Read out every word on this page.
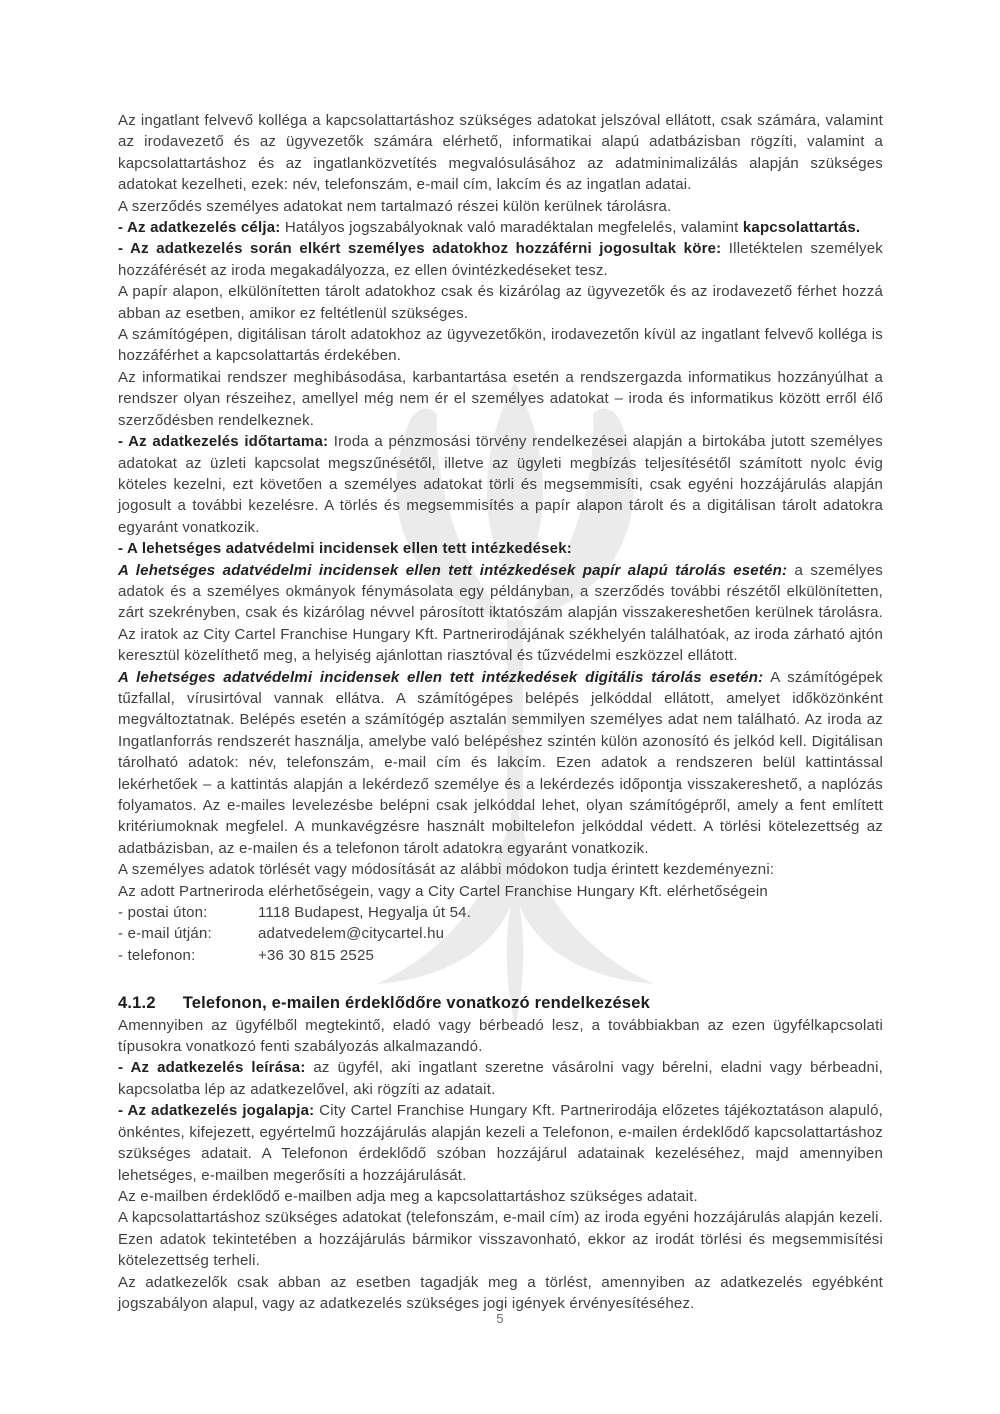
Az ingatlant felvevő kolléga a kapcsolattartáshoz szükséges adatokat jelszóval ellátott, csak számára, valamint az irodavezető és az ügyvezetők számára elérhető, informatikai alapú adatbázisban rögzíti, valamint a kapcsolattartáshoz és az ingatlanközvetítés megvalósulásához az adatminimalizálás alapján szükséges adatokat kezelheti, ezek: név, telefonszám, e-mail cím, lakcím és az ingatlan adatai.

A szerződés személyes adatokat nem tartalmazó részei külön kerülnek tárolásra.

- Az adatkezelés célja: Hatályos jogszabályoknak való maradéktalan megfelelés, valamint kapcsolattartás.

- Az adatkezelés során elkért személyes adatokhoz hozzáférni jogosultak köre: Illetéktelen személyek hozzáférését az iroda megakadályozza, ez ellen óvintézkedéseket tesz.

A papír alapon, elkülönítetten tárolt adatokhoz csak és kizárólag az ügyvezetők és az irodavezető férhet hozzá abban az esetben, amikor ez feltétlenül szükséges.

A számítógépen, digitálisan tárolt adatokhoz az ügyvezetőkön, irodavezetőn kívül az ingatlant felvevő kolléga is hozzáférhet a kapcsolattartás érdekében.

Az informatikai rendszer meghibásodása, karbantartása esetén a rendszergazda informatikus hozzányúlhat a rendszer olyan részeihez, amellyel még nem ér el személyes adatokat – iroda és informatikus között erről élő szerződésben rendelkeznek.

- Az adatkezelés időtartama: Iroda a pénzmosási törvény rendelkezései alapján a birtokába jutott személyes adatokat az üzleti kapcsolat megszűnésétől, illetve az ügyleti megbízás teljesítésétől számított nyolc évig köteles kezelni, ezt követően a személyes adatokat törli és megsemmisíti, csak egyéni hozzájárulás alapján jogosult a további kezelésre. A törlés és megsemmisítés a papír alapon tárolt és a digitálisan tárolt adatokra egyaránt vonatkozik.

- A lehetséges adatvédelmi incidensek ellen tett intézkedések:

A lehetséges adatvédelmi incidensek ellen tett intézkedések papír alapú tárolás esetén: a személyes adatok és a személyes okmányok fénymásolata egy példányban, a szerződés további részétől elkülönítetten, zárt szekrényben, csak és kizárólag névvel párosított iktatószám alapján visszakereshetően kerülnek tárolásra. Az iratok az City Cartel Franchise Hungary Kft. Partnerirodájának székhelyén találhatóak, az iroda zárható ajtón keresztül közelíthető meg, a helyiség ajánlottan riasztóval és tűzvédelmi eszközzel ellátott.

A lehetséges adatvédelmi incidensek ellen tett intézkedések digitális tárolás esetén: A számítógépek tűzfallal, vírusirtóval vannak ellátva. A számítógépes belépés jelkóddal ellátott, amelyet időközönként megváltoztatnak. Belépés esetén a számítógép asztalán semmilyen személyes adat nem található. Az iroda az Ingatlanforrás rendszerét használja, amelybe való belépéshez szintén külön azonosító és jelkód kell. Digitálisan tárolható adatok: név, telefonszám, e-mail cím és lakcím. Ezen adatok a rendszeren belül kattintással lekérhetőek – a kattintás alapján a lekérdező személye és a lekérdezés időpontja visszakereshető, a naplózás folyamatos. Az e-mailes levelezésbe belépni csak jelkóddal lehet, olyan számítógépről, amely a fent említett kritériumoknak megfelel. A munkavégzésre használt mobiltelefon jelkóddal védett. A törlési kötelezettség az adatbázisban, az e-mailen és a telefonon tárolt adatokra egyaránt vonatkozik.

A személyes adatok törlését vagy módosítását az alábbi módokon tudja érintett kezdeményezni:

Az adott Partneriroda elérhetőségein, vagy a City Cartel Franchise Hungary Kft. elérhetőségein

- postai úton:	1118 Budapest, Hegyalja út 54.
- e-mail útján:	adatvedelem@citycartel.hu
- telefonon:	+36 30 815 2525
4.1.2 Telefonon, e-mailen érdeklődőre vonatkozó rendelkezések

Amennyiben az ügyfélből megtekintő, eladó vagy bérbeadó lesz, a továbbiakban az ezen ügyfélkapcsolati típusokra vonatkozó fenti szabályozás alkalmazandó.

- Az adatkezelés leírása: az ügyfél, aki ingatlant szeretne vásárolni vagy bérelni, eladni vagy bérbeadni, kapcsolatba lép az adatkezelővel, aki rögzíti az adatait.

- Az adatkezelés jogalapja: City Cartel Franchise Hungary Kft. Partnerirodája előzetes tájékoztatáson alapuló, önkéntes, kifejezett, egyértelmű hozzájárulás alapján kezeli a Telefonon, e-mailen érdeklődő kapcsolattartáshoz szükséges adatait. A Telefonon érdeklődő szóban hozzájárul adatainak kezeléséhez, majd amennyiben lehetséges, e-mailben megerősíti a hozzájárulását.

Az e-mailben érdeklődő e-mailben adja meg a kapcsolattartáshoz szükséges adatait.

A kapcsolattartáshoz szükséges adatokat (telefonszám, e-mail cím) az iroda egyéni hozzájárulás alapján kezeli. Ezen adatok tekintetében a hozzájárulás bármikor visszavonható, ekkor az irodát törlési és megsemmisítési kötelezettség terheli.

Az adatkezelők csak abban az esetben tagadják meg a törlést, amennyiben az adatkezelés egyébként jogszabályon alapul, vagy az adatkezelés szükséges jogi igények érvényesítéséhez.

5
